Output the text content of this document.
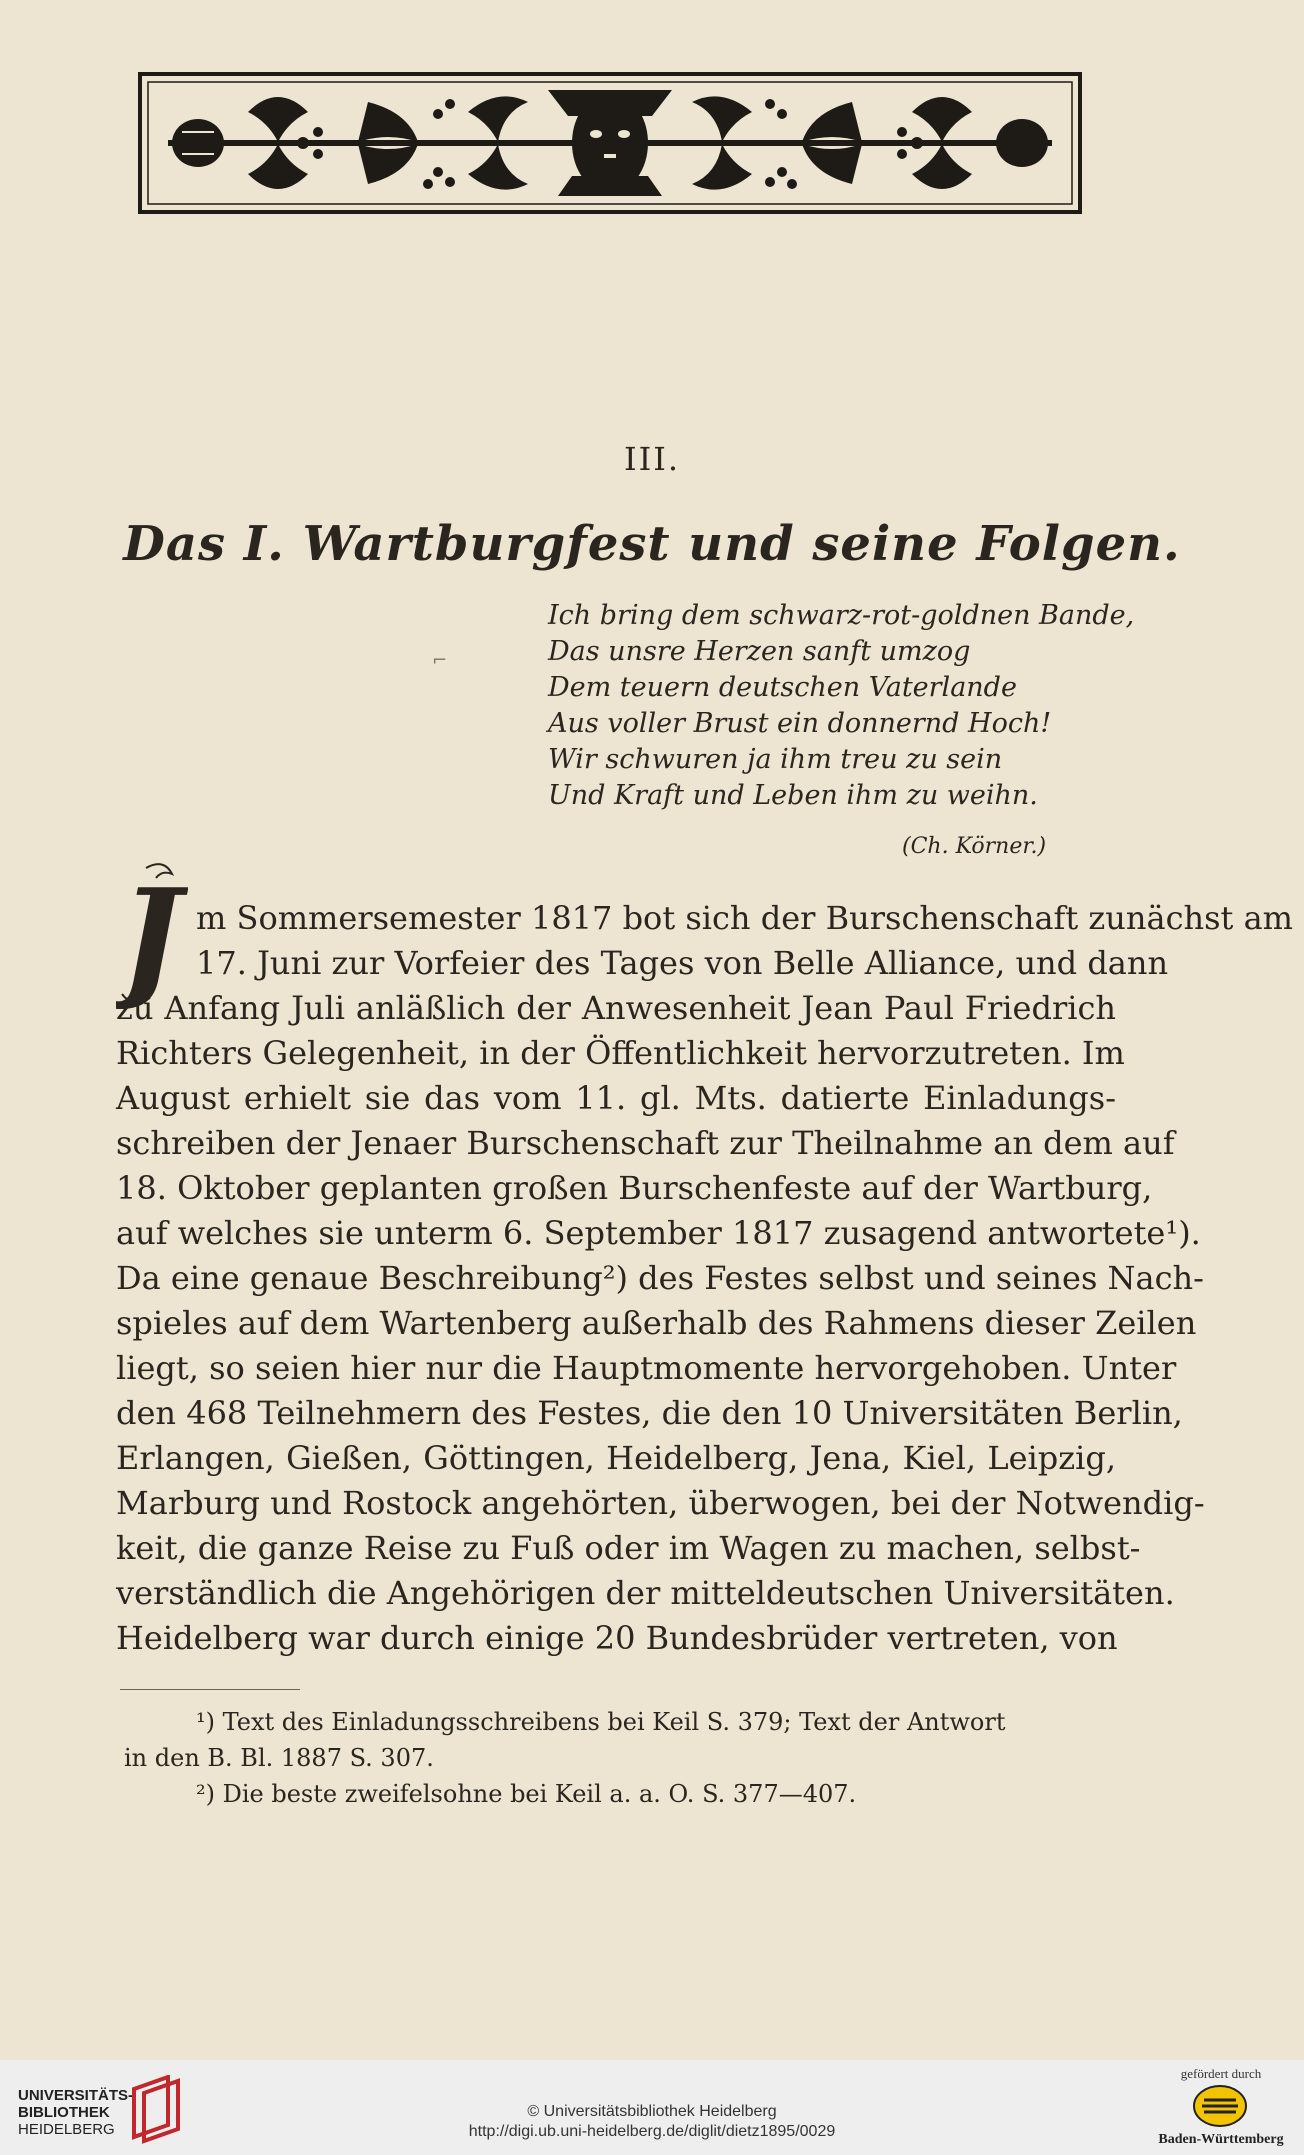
III.
Das I. Wartburgfest und seine Folgen.
⌐
Ich bring dem schwarz-rot-goldnen Bande,
Das unsre Herzen sanft umzog
Dem teuern deutschen Vaterlande
Aus voller Brust ein donnernd Hoch!
Wir schwuren ja ihm treu zu sein
Und Kraft und Leben ihm zu weihn.
(Ch. Körner.)
J m Sommersemester 1817 bot sich der Burschenschaft zunächst am
17. Juni zur Vorfeier des Tages von Belle Alliance, und dann
zu Anfang Juli anläßlich der Anwesenheit Jean Paul Friedrich
Richters Gelegenheit, in der Öffentlichkeit hervorzutreten. Im
August erhielt sie das vom 11. gl. Mts. datierte Einladungs-
schreiben der Jenaer Burschenschaft zur Theilnahme an dem auf
18. Oktober geplanten großen Burschenfeste auf der Wartburg,
auf welches sie unterm 6. September 1817 zusagend antwortete¹).
Da eine genaue Beschreibung²) des Festes selbst und seines Nach-
spieles auf dem Wartenberg außerhalb des Rahmens dieser Zeilen
liegt, so seien hier nur die Hauptmomente hervorgehoben. Unter
den 468 Teilnehmern des Festes, die den 10 Universitäten Berlin,
Erlangen, Gießen, Göttingen, Heidelberg, Jena, Kiel, Leipzig,
Marburg und Rostock angehörten, überwogen, bei der Notwendig-
keit, die ganze Reise zu Fuß oder im Wagen zu machen, selbst-
verständlich die Angehörigen der mitteldeutschen Universitäten.
Heidelberg war durch einige 20 Bundesbrüder vertreten, von
¹) Text des Einladungsschreibens bei Keil S. 379; Text der Antwort
in den B. Bl. 1887 S. 307.
²) Die beste zweifelsohne bei Keil a. a. O. S. 377—407.
UNIVERSITÄTS-
BIBLIOTHEK
HEIDELBERG
© Universitätsbibliothek Heidelberg
http://digi.ub.uni-heidelberg.de/diglit/dietz1895/0029
gefördert durch
Baden-Württemberg
